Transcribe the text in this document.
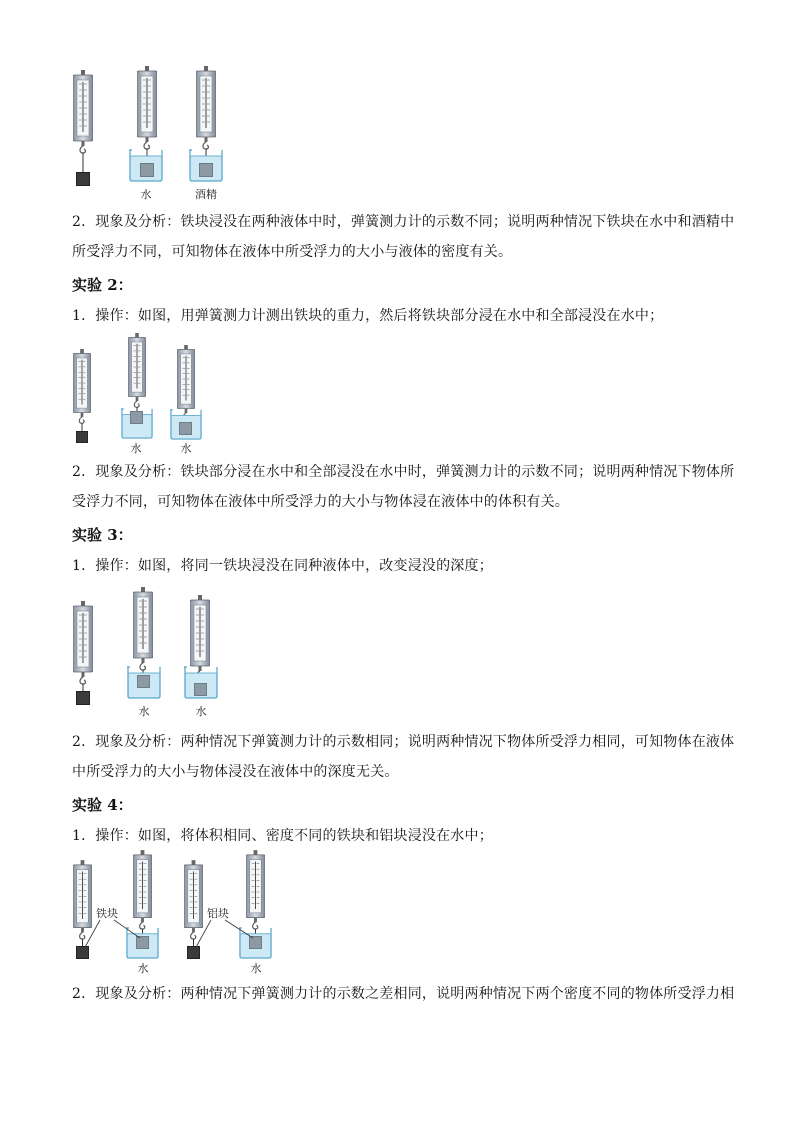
水	酒精
2．现象及分析：铁块浸没在两种液体中时，弹簧测力计的示数不同；说明两种情况下铁块在水中和酒精中
所受浮力不同，可知物体在液体中所受浮力的大小与液体的密度有关。
实验 2：
1．操作：如图，用弹簧测力计测出铁块的重力，然后将铁块部分浸在水中和全部浸没在水中；
水	水
2．现象及分析：铁块部分浸在水中和全部浸没在水中时，弹簧测力计的示数不同；说明两种情况下物体所
受浮力不同，可知物体在液体中所受浮力的大小与物体浸在液体中的体积有关。
实验 3：
1．操作：如图，将同一铁块浸没在同种液体中，改变浸没的深度；
水	水
2．现象及分析：两种情况下弹簧测力计的示数相同；说明两种情况下物体所受浮力相同，可知物体在液体
中所受浮力的大小与物体浸没在液体中的深度无关。
实验 4：
1．操作：如图，将体积相同、密度不同的铁块和铝块浸没在水中；
铁块
水
铝块
水
2．现象及分析：两种情况下弹簧测力计的示数之差相同，说明两种情况下两个密度不同的物体所受浮力相
